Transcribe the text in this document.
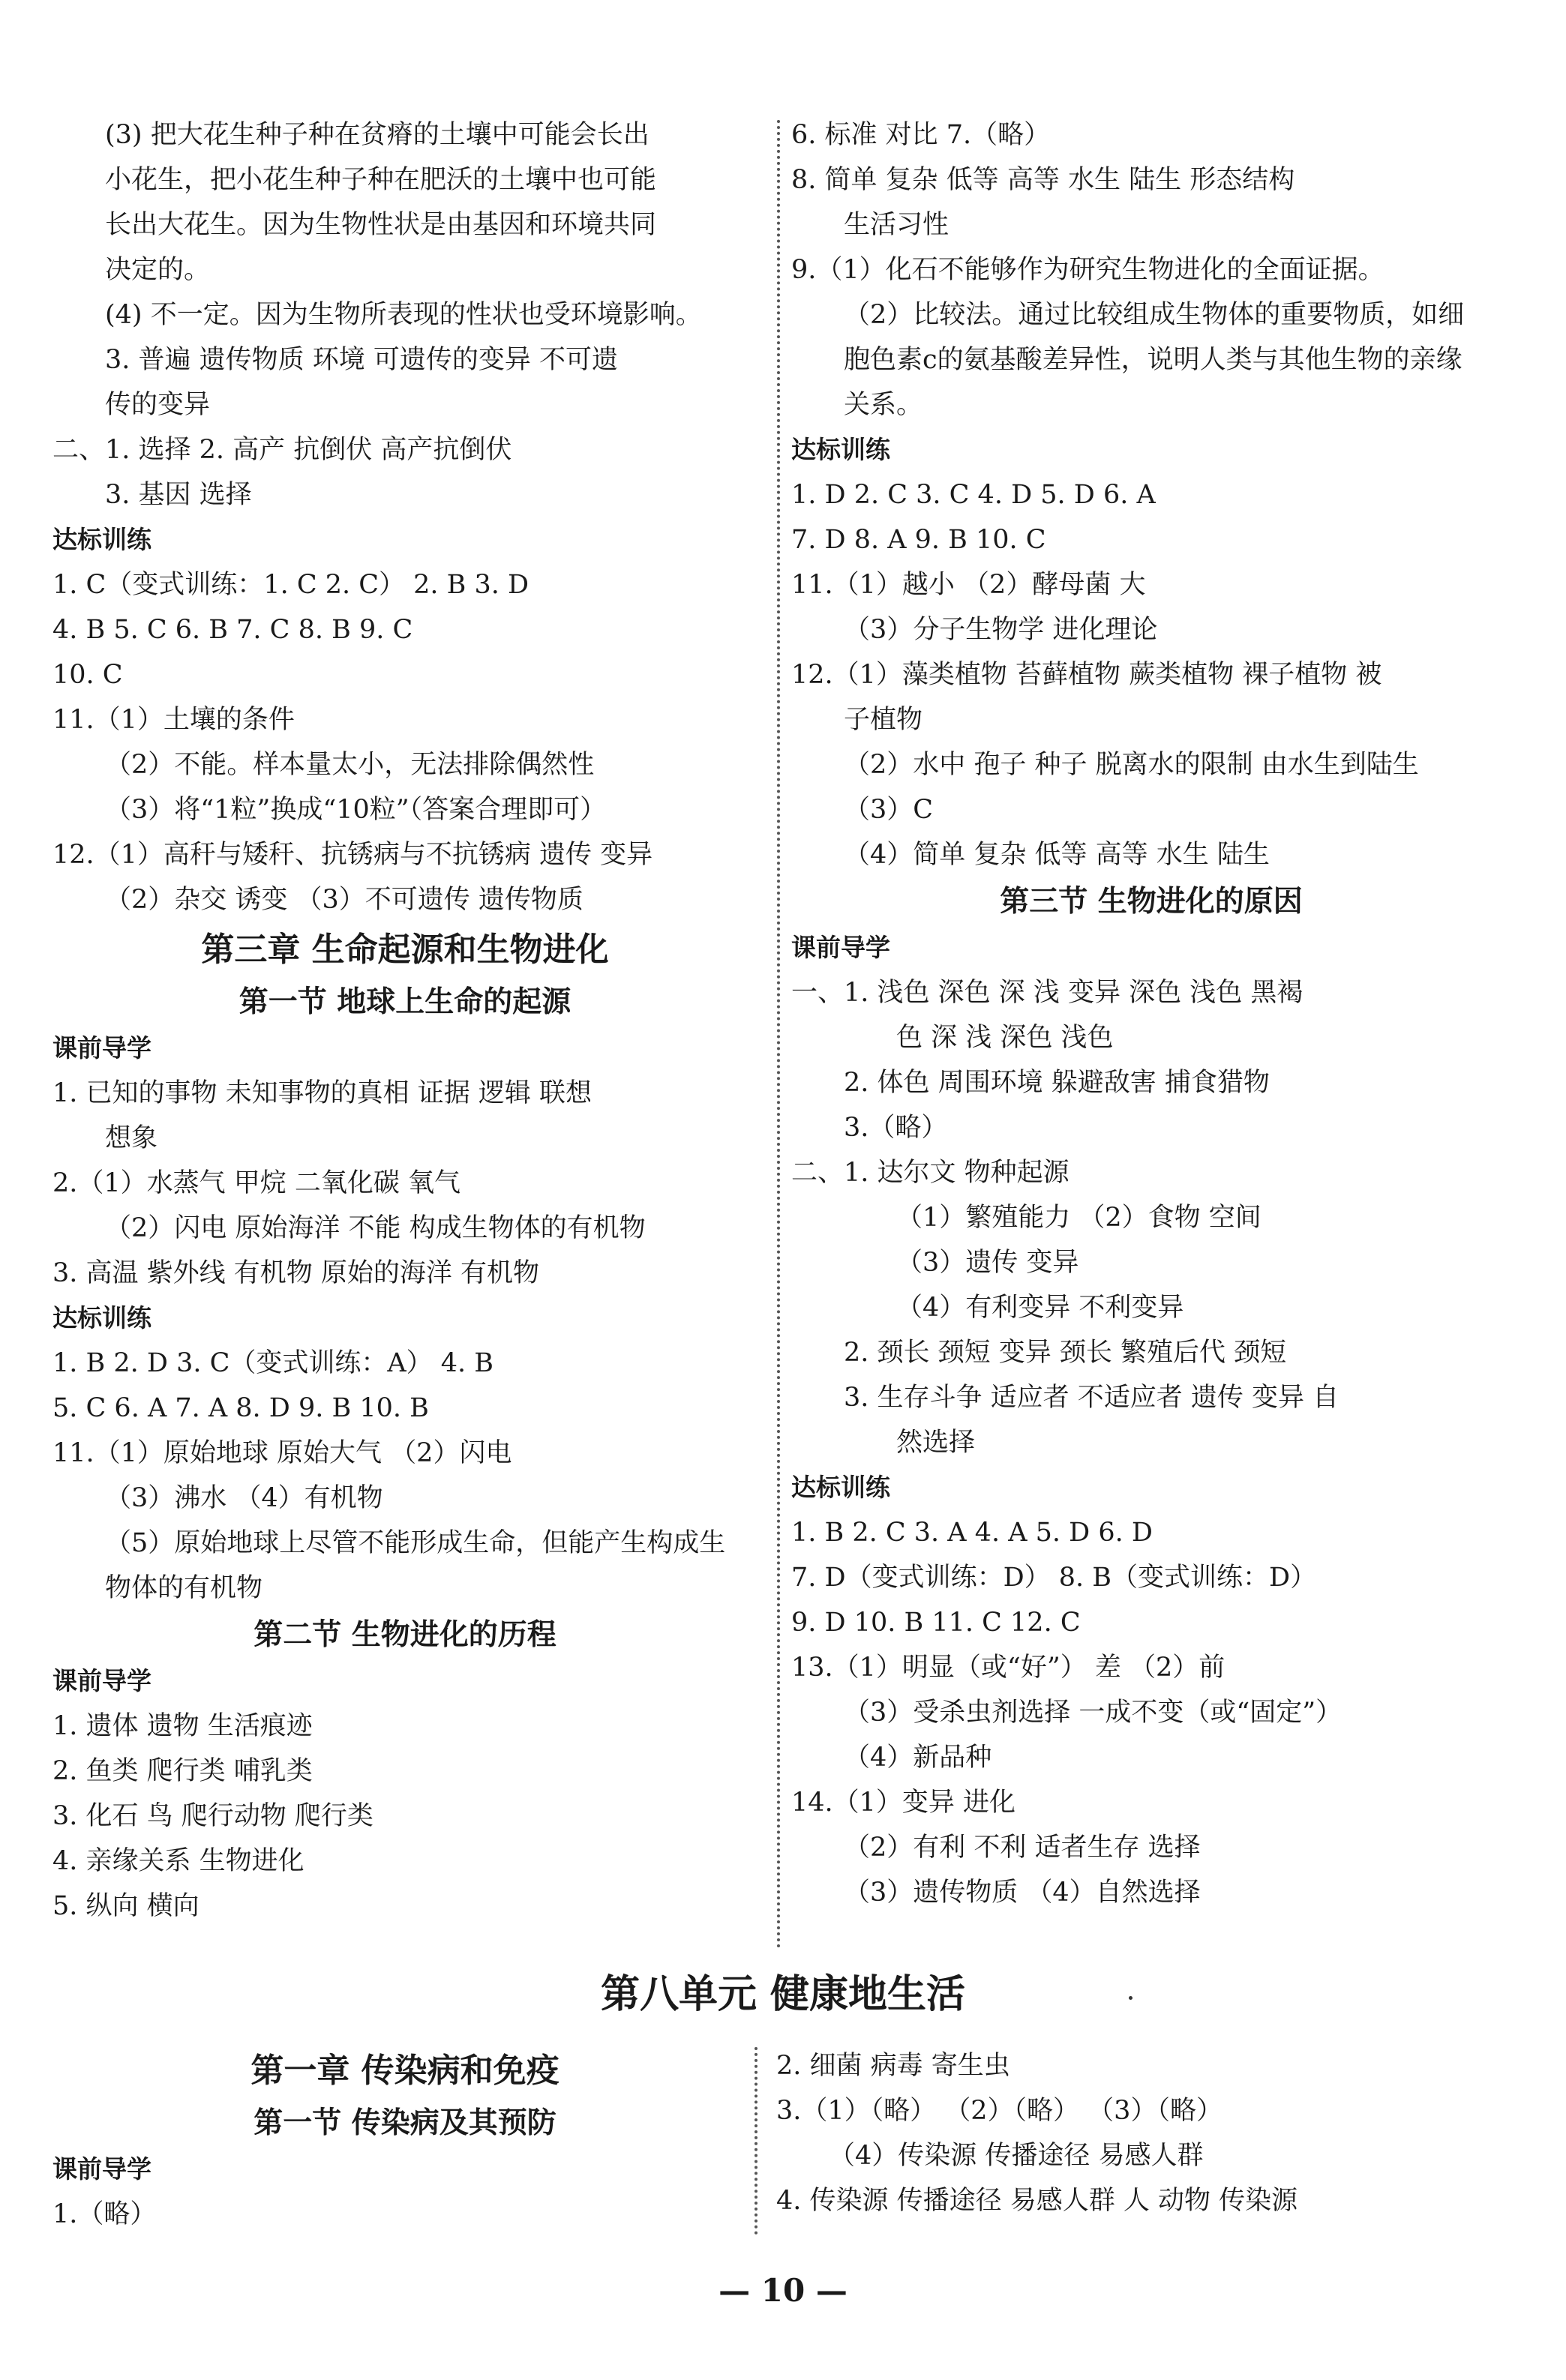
(3) 把大花生种子种在贫瘠的土壤中可能会长出
小花生，把小花生种子种在肥沃的土壤中也可能
长出大花生。因为生物性状是由基因和环境共同
决定的。
(4) 不一定。因为生物所表现的性状也受环境影响。
3. 普遍 遗传物质 环境 可遗传的变异 不可遗
传的变异
二、1. 选择 2. 高产 抗倒伏 高产抗倒伏
3. 基因 选择
达标训练
1. C（变式训练：1. C 2. C） 2. B 3. D
4. B 5. C 6. B 7. C 8. B 9. C
10. C
11.（1）土壤的条件
（2）不能。样本量太小，无法排除偶然性
（3）将“1粒”换成“10粒”（答案合理即可）
12.（1）高秆与矮秆、抗锈病与不抗锈病 遗传 变异
（2）杂交 诱变 （3）不可遗传 遗传物质
第三章 生命起源和生物进化
第一节 地球上生命的起源
课前导学
1. 已知的事物 未知事物的真相 证据 逻辑 联想
想象
2.（1）水蒸气 甲烷 二氧化碳 氧气
（2）闪电 原始海洋 不能 构成生物体的有机物
3. 高温 紫外线 有机物 原始的海洋 有机物
达标训练
1. B 2. D 3. C（变式训练：A） 4. B
5. C 6. A 7. A 8. D 9. B 10. B
11.（1）原始地球 原始大气 （2）闪电
（3）沸水 （4）有机物
（5）原始地球上尽管不能形成生命，但能产生构成生
物体的有机物
第二节 生物进化的历程
课前导学
1. 遗体 遗物 生活痕迹
2. 鱼类 爬行类 哺乳类
3. 化石 鸟 爬行动物 爬行类
4. 亲缘关系 生物进化
5. 纵向 横向
6. 标准 对比 7.（略）
8. 简单 复杂 低等 高等 水生 陆生 形态结构
生活习性
9.（1）化石不能够作为研究生物进化的全面证据。
（2）比较法。通过比较组成生物体的重要物质，如细
胞色素c的氨基酸差异性，说明人类与其他生物的亲缘
关系。
达标训练
1. D 2. C 3. C 4. D 5. D 6. A
7. D 8. A 9. B 10. C
11.（1）越小 （2）酵母菌 大
（3）分子生物学 进化理论
12.（1）藻类植物 苔藓植物 蕨类植物 裸子植物 被
子植物
（2）水中 孢子 种子 脱离水的限制 由水生到陆生
（3）C
（4）简单 复杂 低等 高等 水生 陆生
第三节 生物进化的原因
课前导学
一、1. 浅色 深色 深 浅 变异 深色 浅色 黑褐
色 深 浅 深色 浅色
2. 体色 周围环境 躲避敌害 捕食猎物
3.（略）
二、1. 达尔文 物种起源
（1）繁殖能力 （2）食物 空间
（3）遗传 变异
（4）有利变异 不利变异
2. 颈长 颈短 变异 颈长 繁殖后代 颈短
3. 生存斗争 适应者 不适应者 遗传 变异 自
然选择
达标训练
1. B 2. C 3. A 4. A 5. D 6. D
7. D（变式训练：D） 8. B（变式训练：D）
9. D 10. B 11. C 12. C
13.（1）明显（或“好”） 差 （2）前
（3）受杀虫剂选择 一成不变（或“固定”）
（4）新品种
14.（1）变异 进化
（2）有利 不利 适者生存 选择
（3）遗传物质 （4）自然选择
第八单元 健康地生活
第一章 传染病和免疫
第一节 传染病及其预防
课前导学
1.（略）
2. 细菌 病毒 寄生虫
3.（1）（略） （2）（略） （3）（略）
（4）传染源 传播途径 易感人群
4. 传染源 传播途径 易感人群 人 动物 传染源
— 10 —
